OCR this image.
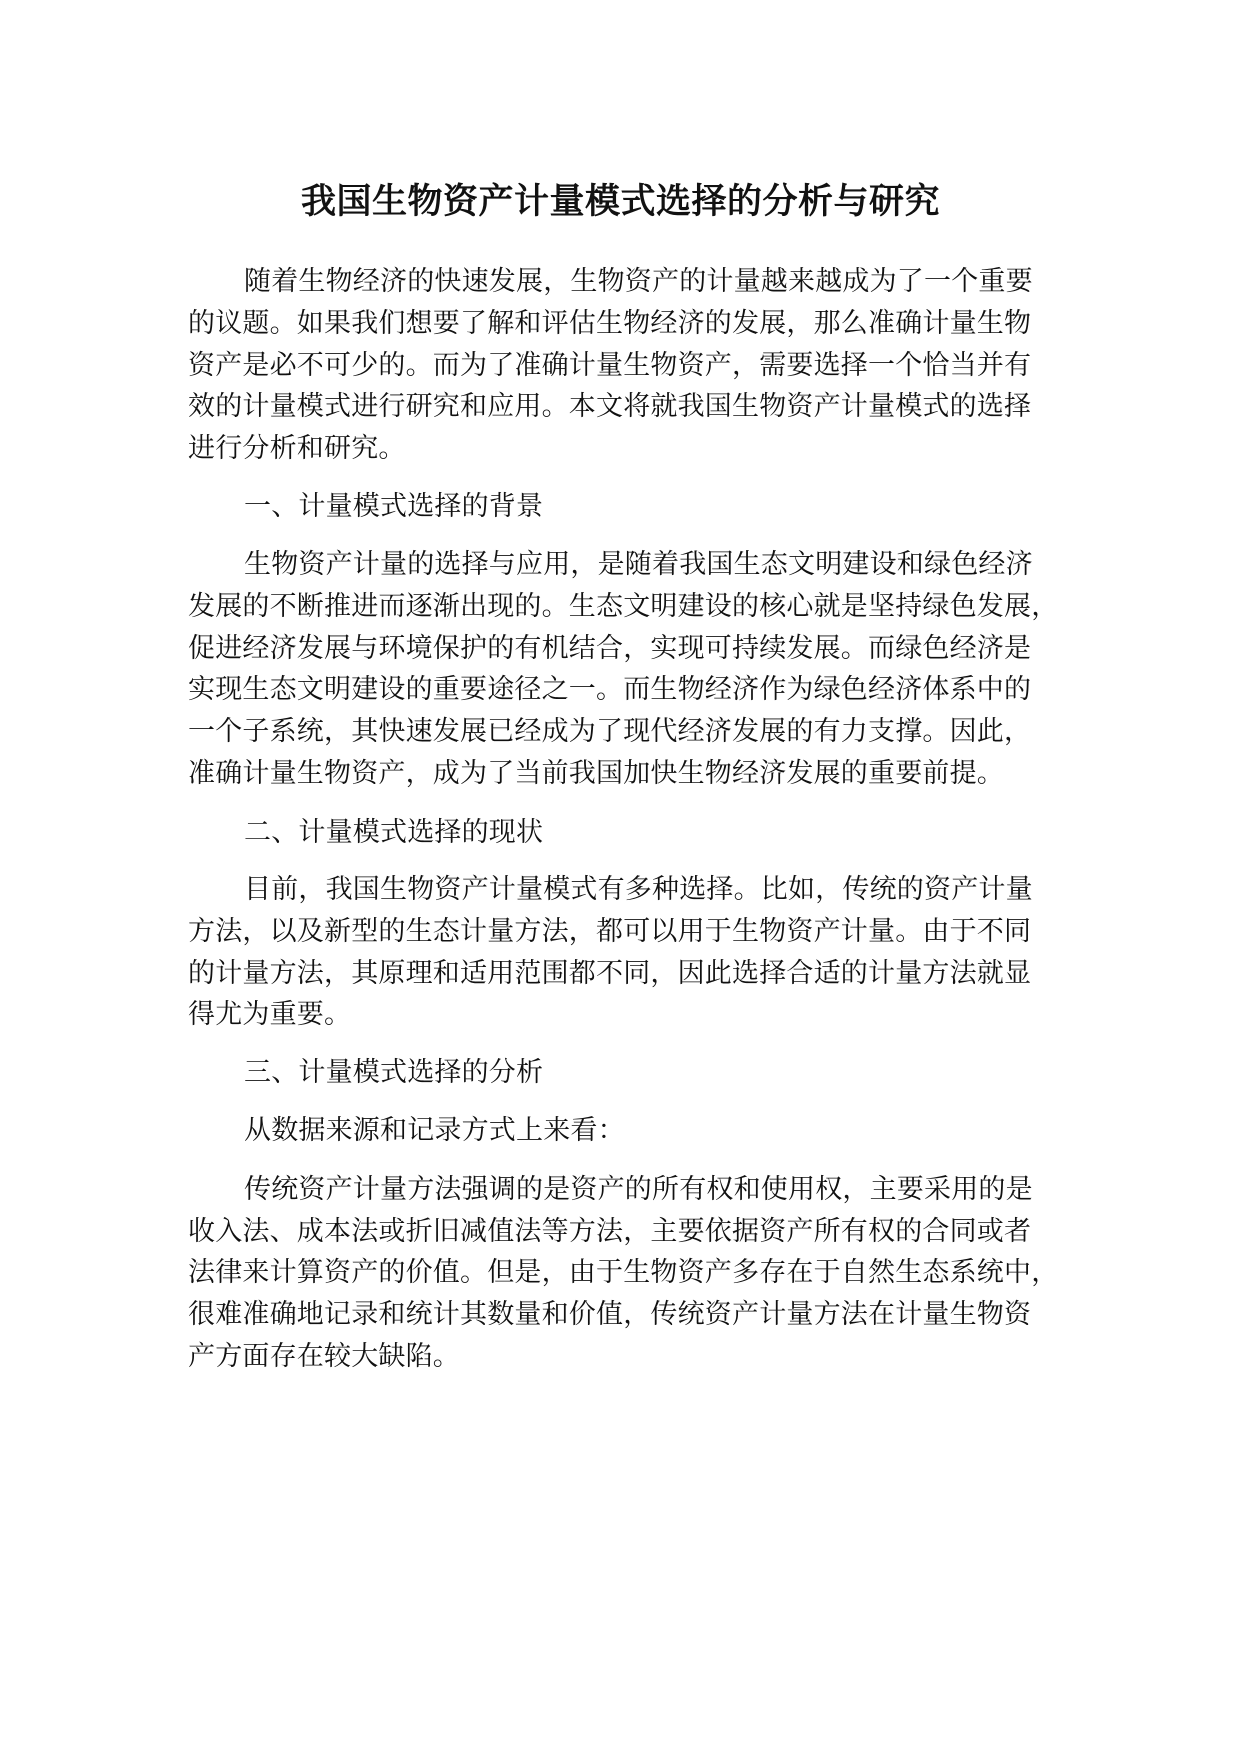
我国生物资产计量模式选择的分析与研究
随着生物经济的快速发展，生物资产的计量越来越成为了一个重要
的议题。如果我们想要了解和评估生物经济的发展，那么准确计量生物
资产是必不可少的。而为了准确计量生物资产，需要选择一个恰当并有
效的计量模式进行研究和应用。本文将就我国生物资产计量模式的选择
进行分析和研究。
一、计量模式选择的背景
生物资产计量的选择与应用，是随着我国生态文明建设和绿色经济
发展的不断推进而逐渐出现的。生态文明建设的核心就是坚持绿色发展，
促进经济发展与环境保护的有机结合，实现可持续发展。而绿色经济是
实现生态文明建设的重要途径之一。而生物经济作为绿色经济体系中的
一个子系统，其快速发展已经成为了现代经济发展的有力支撑。因此，
准确计量生物资产，成为了当前我国加快生物经济发展的重要前提。
二、计量模式选择的现状
目前，我国生物资产计量模式有多种选择。比如，传统的资产计量
方法，以及新型的生态计量方法，都可以用于生物资产计量。由于不同
的计量方法，其原理和适用范围都不同，因此选择合适的计量方法就显
得尤为重要。
三、计量模式选择的分析
从数据来源和记录方式上来看：
传统资产计量方法强调的是资产的所有权和使用权，主要采用的是
收入法、成本法或折旧减值法等方法，主要依据资产所有权的合同或者
法律来计算资产的价值。但是，由于生物资产多存在于自然生态系统中，
很难准确地记录和统计其数量和价值，传统资产计量方法在计量生物资
产方面存在较大缺陷。
